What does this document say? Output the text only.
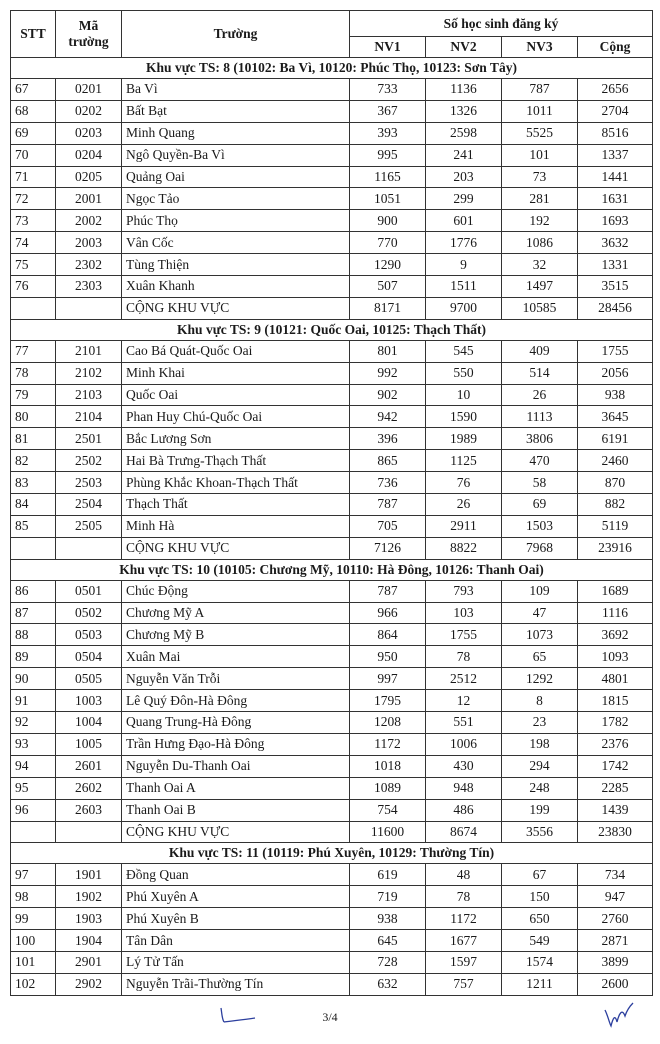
STT	Mã trường	Trường	Số học sinh đăng ký			
			NV1	NV2	NV3	Cộng
Khu vực TS: 8 (10102: Ba Vì, 10120: Phúc Thọ, 10123: Sơn Tây)						
67	0201	Ba Vì	733	1136	787	2656
68	0202	Bất Bạt	367	1326	1011	2704
69	0203	Minh Quang	393	2598	5525	8516
70	0204	Ngô Quyền-Ba Vì	995	241	101	1337
71	0205	Quảng Oai	1165	203	73	1441
72	2001	Ngọc Tảo	1051	299	281	1631
73	2002	Phúc Thọ	900	601	192	1693
74	2003	Vân Cốc	770	1776	1086	3632
75	2302	Tùng Thiện	1290	9	32	1331
76	2303	Xuân Khanh	507	1511	1497	3515
		CỘNG KHU VỰC	8171	9700	10585	28456
Khu vực TS: 9 (10121: Quốc Oai, 10125: Thạch Thất)						
77	2101	Cao Bá Quát-Quốc Oai	801	545	409	1755
78	2102	Minh Khai	992	550	514	2056
79	2103	Quốc Oai	902	10	26	938
80	2104	Phan Huy Chú-Quốc Oai	942	1590	1113	3645
81	2501	Bắc Lương Sơn	396	1989	3806	6191
82	2502	Hai Bà Trưng-Thạch Thất	865	1125	470	2460
83	2503	Phùng Khắc Khoan-Thạch Thất	736	76	58	870
84	2504	Thạch Thất	787	26	69	882
85	2505	Minh Hà	705	2911	1503	5119
		CỘNG KHU VỰC	7126	8822	7968	23916
Khu vực TS: 10 (10105: Chương Mỹ, 10110: Hà Đông, 10126: Thanh Oai)						
86	0501	Chúc Động	787	793	109	1689
87	0502	Chương Mỹ A	966	103	47	1116
88	0503	Chương Mỹ B	864	1755	1073	3692
89	0504	Xuân Mai	950	78	65	1093
90	0505	Nguyễn Văn Trỗi	997	2512	1292	4801
91	1003	Lê Quý Đôn-Hà Đông	1795	12	8	1815
92	1004	Quang Trung-Hà Đông	1208	551	23	1782
93	1005	Trần Hưng Đạo-Hà Đông	1172	1006	198	2376
94	2601	Nguyễn Du-Thanh Oai	1018	430	294	1742
95	2602	Thanh Oai A	1089	948	248	2285
96	2603	Thanh Oai B	754	486	199	1439
		CỘNG KHU VỰC	11600	8674	3556	23830
Khu vực TS: 11 (10119: Phú Xuyên, 10129: Thường Tín)						
97	1901	Đồng Quan	619	48	67	734
98	1902	Phú Xuyên A	719	78	150	947
99	1903	Phú Xuyên B	938	1172	650	2760
100	1904	Tân Dân	645	1677	549	2871
101	2901	Lý Tử Tấn	728	1597	1574	3899
102	2902	Nguyễn Trãi-Thường Tín	632	757	1211	2600
3/4
